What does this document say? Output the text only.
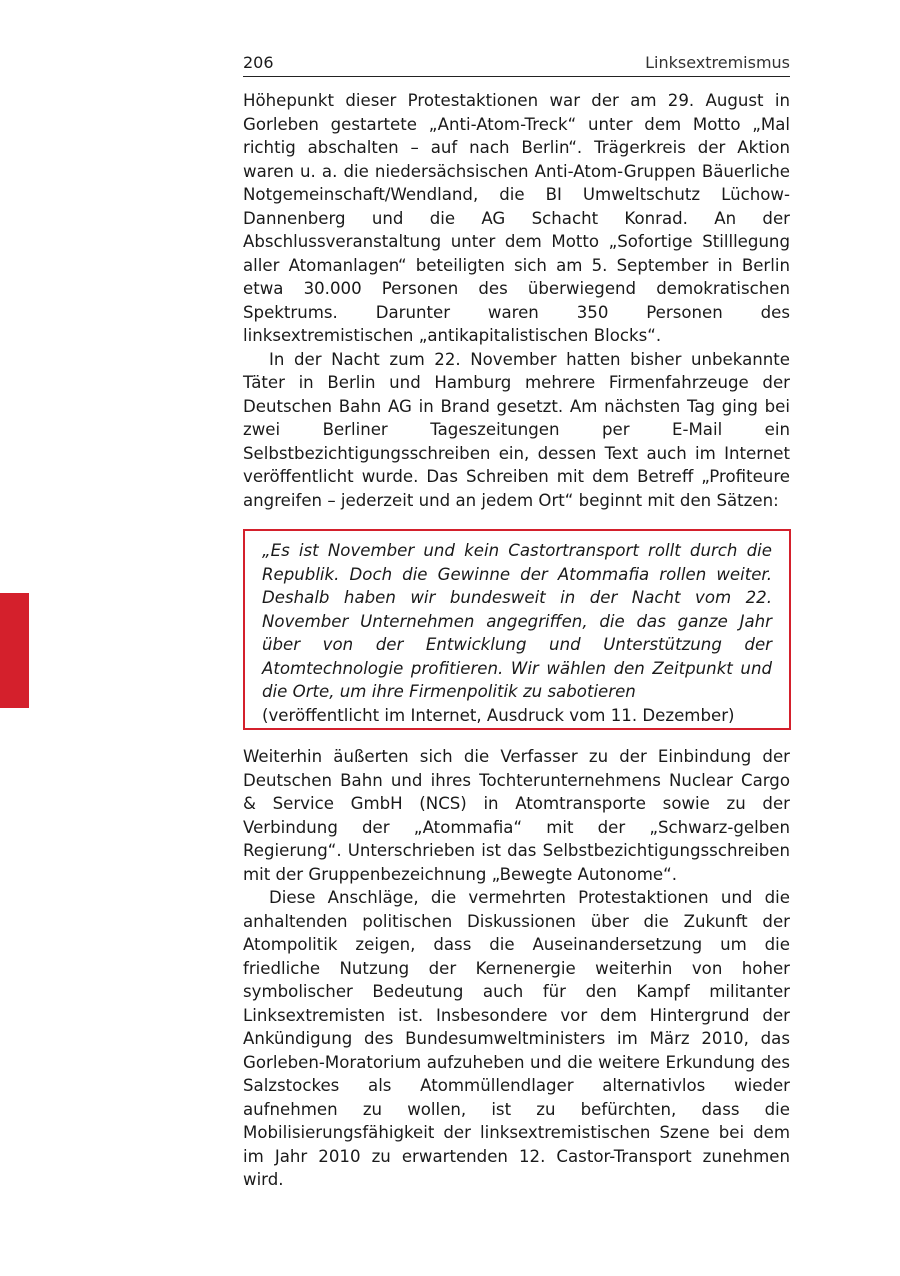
206	Linksextremismus

Höhepunkt dieser Protestaktionen war der am 29. August in Gorleben gestartete „Anti-Atom-Treck“ unter dem Motto „Mal richtig abschalten – auf nach Berlin“. Trägerkreis der Aktion waren u. a. die niedersächsischen Anti-Atom-Gruppen Bäuerliche Notgemeinschaft/Wendland, die BI Umweltschutz Lüchow-Dannenberg und die AG Schacht Konrad. An der Abschlussveranstaltung unter dem Motto „Sofortige Stilllegung aller Atomanlagen“ beteiligten sich am 5. September in Berlin etwa 30.000 Personen des überwiegend demokratischen Spektrums. Darunter waren 350 Personen des linksextremistischen „antikapitalistischen Blocks“.

In der Nacht zum 22. November hatten bisher unbekannte Täter in Berlin und Hamburg mehrere Firmenfahrzeuge der Deutschen Bahn AG in Brand gesetzt. Am nächsten Tag ging bei zwei Berliner Tageszeitungen per E-Mail ein Selbstbezichtigungsschreiben ein, dessen Text auch im Internet veröffentlicht wurde. Das Schreiben mit dem Betreff „Profiteure angreifen – jederzeit und an jedem Ort“ beginnt mit den Sätzen:

„Es ist November und kein Castortransport rollt durch die Republik. Doch die Gewinne der Atommafia rollen weiter. Deshalb haben wir bundesweit in der Nacht vom 22. November Unternehmen angegriffen, die das ganze Jahr über von der Entwicklung und Unterstützung der Atomtechnologie profitieren. Wir wählen den Zeitpunkt und die Orte, um ihre Firmenpolitik zu sabotieren

(veröffentlicht im Internet, Ausdruck vom 11. Dezember)

Weiterhin äußerten sich die Verfasser zu der Einbindung der Deutschen Bahn und ihres Tochterunternehmens Nuclear Cargo & Service GmbH (NCS) in Atomtransporte sowie zu der Verbindung der „Atommafia“ mit der „Schwarz-gelben Regierung“. Unterschrieben ist das Selbstbezichtigungsschreiben mit der Gruppenbezeichnung „Bewegte Autonome“.

Diese Anschläge, die vermehrten Protestaktionen und die anhaltenden politischen Diskussionen über die Zukunft der Atompolitik zeigen, dass die Auseinandersetzung um die friedliche Nutzung der Kernenergie weiterhin von hoher symbolischer Bedeutung auch für den Kampf militanter Linksextremisten ist. Insbesondere vor dem Hintergrund der Ankündigung des Bundesumweltministers im März 2010, das Gorleben-Moratorium aufzuheben und die weitere Erkundung des Salzstockes als Atommüllendlager alternativlos wieder aufnehmen zu wollen, ist zu befürchten, dass die Mobilisierungsfähigkeit der linksextremistischen Szene bei dem im Jahr 2010 zu erwartenden 12. Castor-Transport zunehmen wird.
